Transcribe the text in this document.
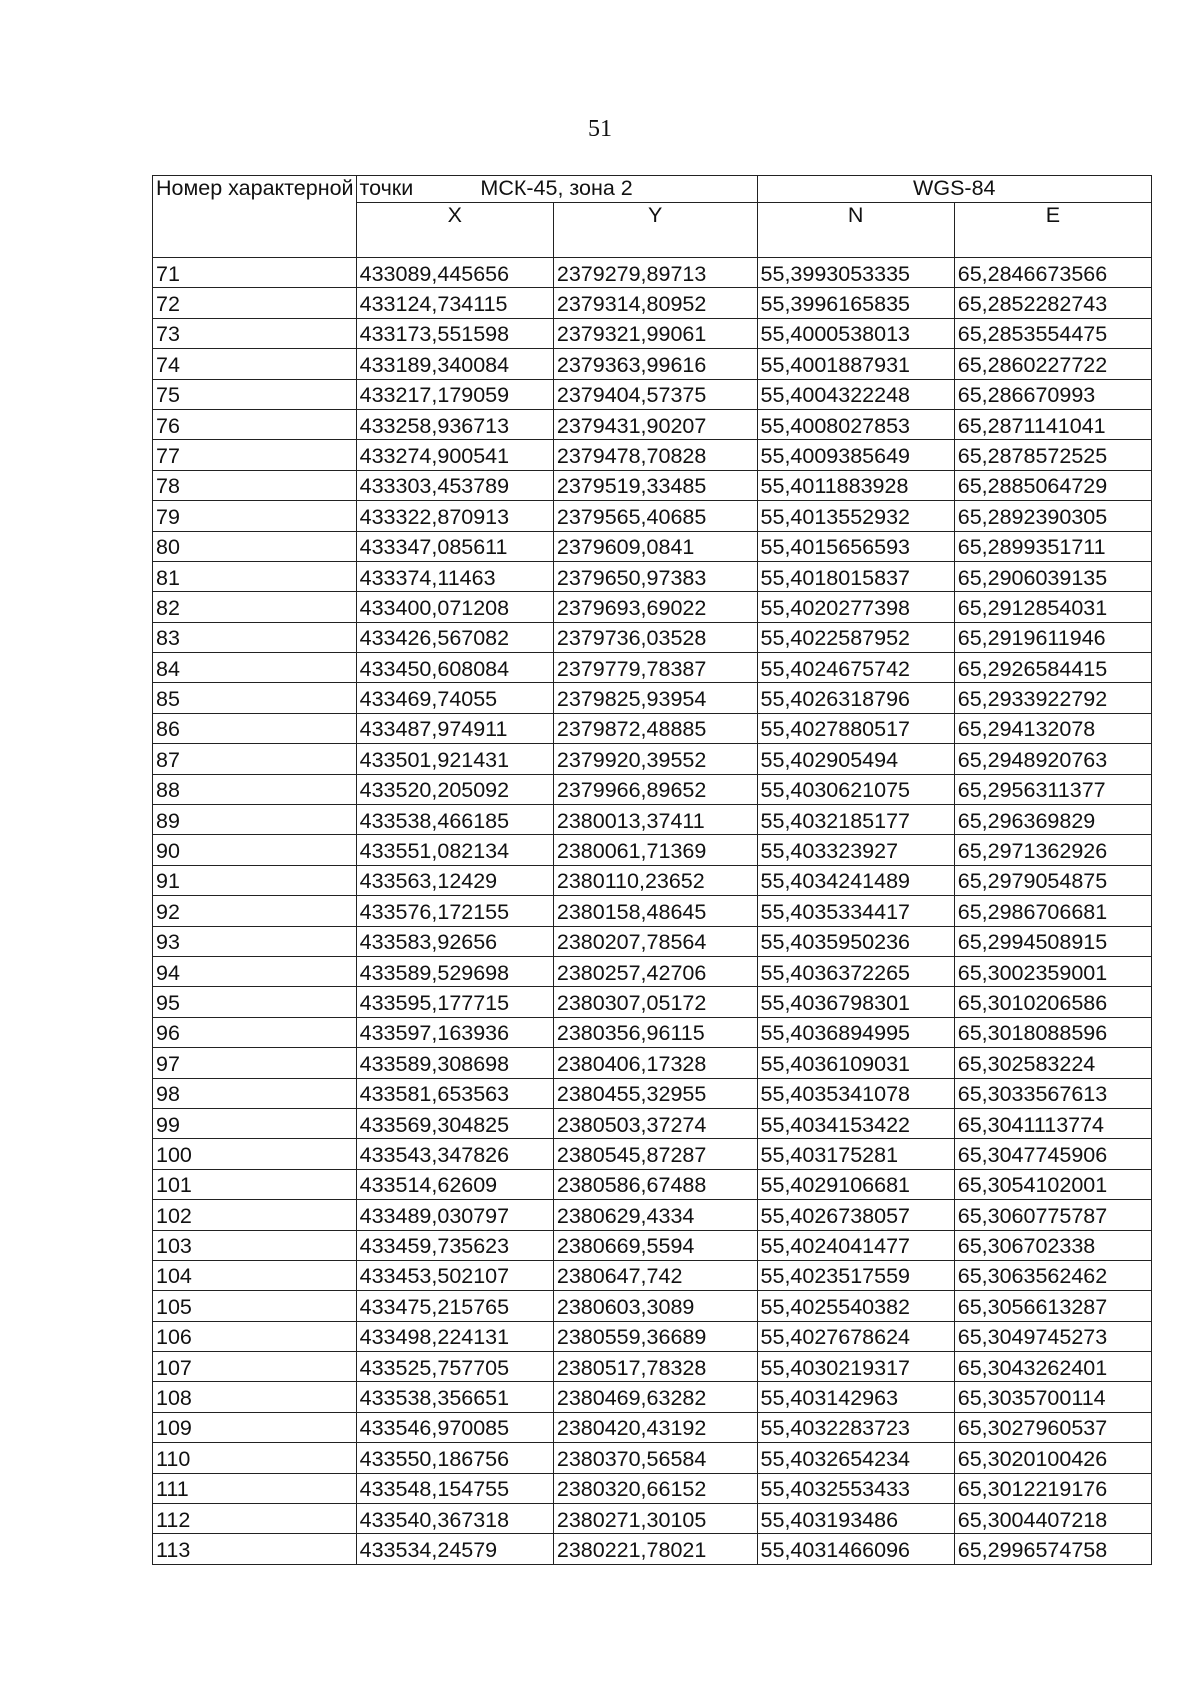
51
Номер характерной точки	МСК-45, зона 2		WGS-84	
	X	Y	N	E
71	433089,445656	2379279,89713	55,3993053335	65,2846673566
72	433124,734115	2379314,80952	55,3996165835	65,2852282743
73	433173,551598	2379321,99061	55,4000538013	65,2853554475
74	433189,340084	2379363,99616	55,4001887931	65,2860227722
75	433217,179059	2379404,57375	55,4004322248	65,286670993
76	433258,936713	2379431,90207	55,4008027853	65,2871141041
77	433274,900541	2379478,70828	55,4009385649	65,2878572525
78	433303,453789	2379519,33485	55,4011883928	65,2885064729
79	433322,870913	2379565,40685	55,4013552932	65,2892390305
80	433347,085611	2379609,0841	55,4015656593	65,2899351711
81	433374,11463	2379650,97383	55,4018015837	65,2906039135
82	433400,071208	2379693,69022	55,4020277398	65,2912854031
83	433426,567082	2379736,03528	55,4022587952	65,2919611946
84	433450,608084	2379779,78387	55,4024675742	65,2926584415
85	433469,74055	2379825,93954	55,4026318796	65,2933922792
86	433487,974911	2379872,48885	55,4027880517	65,294132078
87	433501,921431	2379920,39552	55,402905494	65,2948920763
88	433520,205092	2379966,89652	55,4030621075	65,2956311377
89	433538,466185	2380013,37411	55,4032185177	65,296369829
90	433551,082134	2380061,71369	55,403323927	65,2971362926
91	433563,12429	2380110,23652	55,4034241489	65,2979054875
92	433576,172155	2380158,48645	55,4035334417	65,2986706681
93	433583,92656	2380207,78564	55,4035950236	65,2994508915
94	433589,529698	2380257,42706	55,4036372265	65,3002359001
95	433595,177715	2380307,05172	55,4036798301	65,3010206586
96	433597,163936	2380356,96115	55,4036894995	65,3018088596
97	433589,308698	2380406,17328	55,4036109031	65,302583224
98	433581,653563	2380455,32955	55,4035341078	65,3033567613
99	433569,304825	2380503,37274	55,4034153422	65,3041113774
100	433543,347826	2380545,87287	55,403175281	65,3047745906
101	433514,62609	2380586,67488	55,4029106681	65,3054102001
102	433489,030797	2380629,4334	55,4026738057	65,3060775787
103	433459,735623	2380669,5594	55,4024041477	65,306702338
104	433453,502107	2380647,742	55,4023517559	65,3063562462
105	433475,215765	2380603,3089	55,4025540382	65,3056613287
106	433498,224131	2380559,36689	55,4027678624	65,3049745273
107	433525,757705	2380517,78328	55,4030219317	65,3043262401
108	433538,356651	2380469,63282	55,403142963	65,3035700114
109	433546,970085	2380420,43192	55,4032283723	65,3027960537
110	433550,186756	2380370,56584	55,4032654234	65,3020100426
111	433548,154755	2380320,66152	55,4032553433	65,3012219176
112	433540,367318	2380271,30105	55,403193486	65,3004407218
113	433534,24579	2380221,78021	55,4031466096	65,2996574758
